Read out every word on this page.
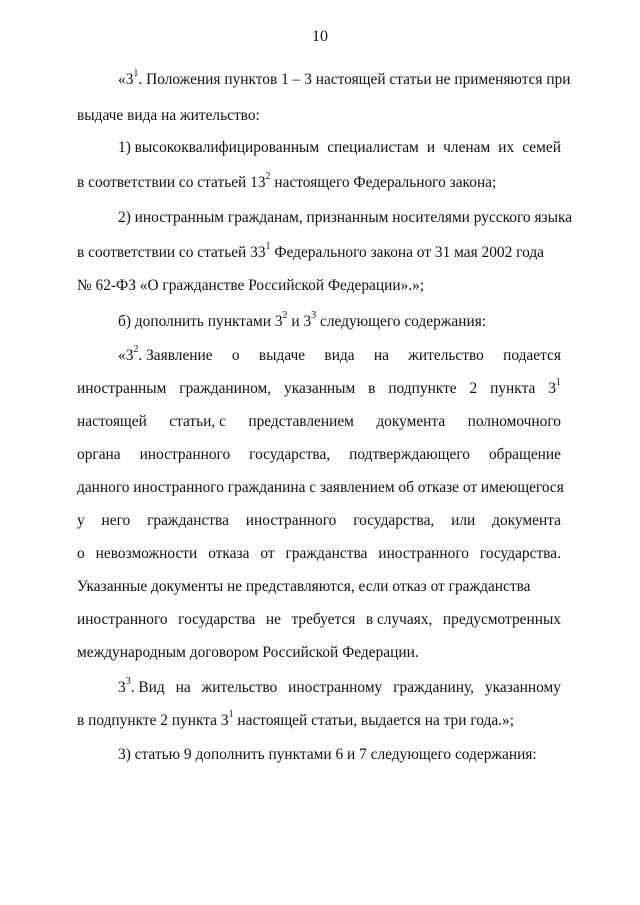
10
«$3^1$. Положения пунктов 1 – 3 настоящей статьи не применяются при
выдаче вида на жительство:
1) высококвалифицированным специалистам и членам их семей
в соответствии со статьей $13^2$ настоящего Федерального закона;
2) иностранным гражданам, признанным носителями русского языка
в соответствии со статьей $33^1$ Федерального закона от 31 мая 2002 года
№ 62-ФЗ «О гражданстве Российской Федерации».»;
б) дополнить пунктами $3^2$ и $3^3$ следующего содержания:
«$3^2$. Заявление о выдаче вида на жительство подается
иностранным гражданином, указанным в подпункте 2 пункта $3^1$
настоящей статьи, с представлением документа полномочного
органа иностранного государства, подтверждающего обращение
данного иностранного гражданина с заявлением об отказе от имеющегося
у него гражданства иностранного государства, или документа
о невозможности отказа от гражданства иностранного государства.
Указанные документы не представляются, если отказ от гражданства
иностранного государства не требуется в случаях, предусмотренных
международным договором Российской Федерации.
$3^3$. Вид на жительство иностранному гражданину, указанному
в подпункте 2 пункта $3^1$ настоящей статьи, выдается на три года.»;
3) статью 9 дополнить пунктами 6 и 7 следующего содержания:
